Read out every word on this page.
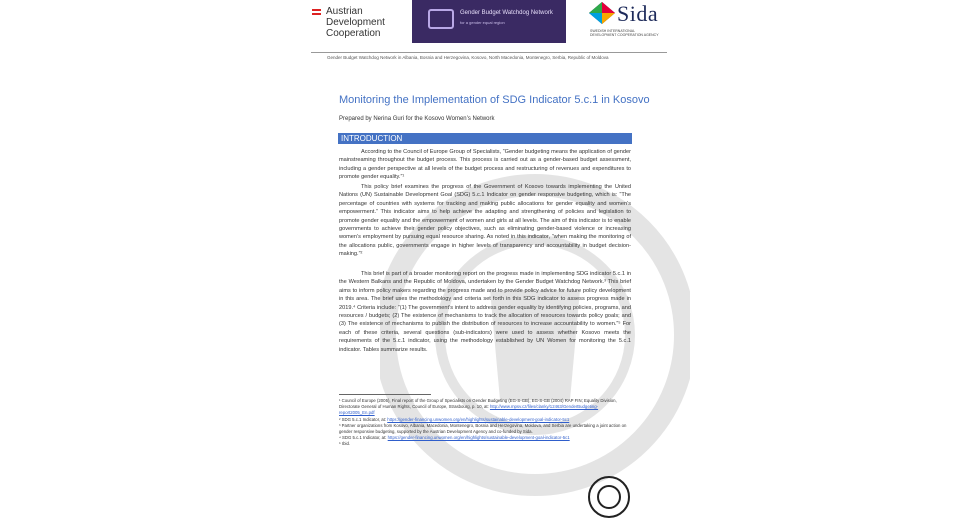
Austrian
Development
Cooperation
Gender Budget Watchdog Network
for a gender equal region	Sida
SWEDISH INTERNATIONAL
DEVELOPMENT COOPERATION AGENCY
Gender Budget Watchdog Network in Albania, Bosnia and Herzegovina, Kosovo, North Macedonia, Montenegro, Serbia, Republic of Moldova
Monitoring the Implementation of SDG Indicator 5.c.1 in Kosovo
Prepared by Nerina Guri for the Kosovo Women’s Network
INTRODUCTION

According to the Council of Europe Group of Specialists, “Gender budgeting means the application of gender mainstreaming throughout the budget process. This process is carried out as a gender-based budget assessment, including a gender perspective at all levels of the budget process and restructuring of revenues and expenditures to promote gender equality.”¹

This policy brief examines the progress of the Government of Kosovo towards implementing the United Nations (UN) Sustainable Development Goal (SDG) 5.c.1 Indicator on gender responsive budgeting, which is: “The percentage of countries with systems for tracking and making public allocations for gender equality and women’s empowerment.” This indicator aims to help achieve the adapting and strengthening of policies and legislation to promote gender equality and the empowerment of women and girls at all levels. The aim of this indicator is to enable governments to achieve their gender policy objectives, such as eliminating gender-based violence or increasing women’s employment by pursuing equal resource sharing. As noted in this indicator, “when making the monitoring of the allocations public, governments engage in higher levels of transparency and accountability in budget decision-making.”²

This brief is part of a broader monitoring report on the progress made in implementing SDG indicator 5.c.1 in the Western Balkans and the Republic of Moldova, undertaken by the Gender Budget Watchdog Network.³ This brief aims to inform policy makers regarding the progress made and to provide policy advice for future policy development in this area. The brief uses the methodology and criteria set forth in this SDG indicator to assess progress made in 2019.⁴ Criteria include: “(1) The government’s intent to address gender equality by identifying policies, programs, and resources / budgets; (2) The existence of mechanisms to track the allocation of resources towards policy goals; and (3) The existence of mechanisms to publish the distribution of resources to increase accountability to women.”⁵ For each of these criteria, several questions (sub-indicators) were used to assess whether Kosovo meets the requirements of the 5.c.1 indicator, using the methodology established by UN Women for monitoring the 5.c.1 indicator. Tables summarize results.

¹ Council of Europe (2005), Final report of the Group of Specialists on Gender Budgeting (EG-S-GB), EG-S-GB (2004) RAP FIN; Equality Division, Directorate General of Human Rights, Council of Europe, Strasbourg, p. 10, at: http://www.mpsv.cz/files/clanky/12463/GenderBudgeting-report2005_En.pdf

² SDG 5.c.1 Indicator, at: https://gender-financing.unwomen.org/en/highlights/sustainable-development-goal-indicator-5c1

³ Partner organizations from Kosovo, Albania, Macedonia, Montenegro, Bosnia and Herzegovina, Moldova, and Serbia are undertaking a joint action on gender responsive budgeting, supported by the Austrian Development Agency and co-funded by Sida.

⁴ SDG 5.c.1 Indicator, at: https://gender-financing.unwomen.org/en/highlights/sustainable-development-goal-indicator-5c1

⁵ Ibid.
